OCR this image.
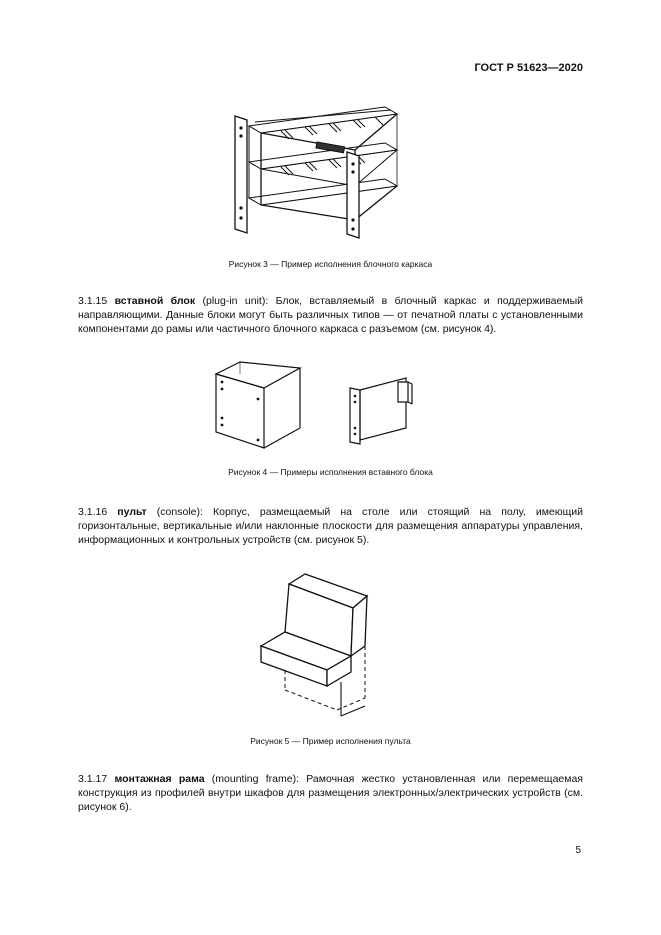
ГОСТ Р 51623—2020
Рисунок 3 — Пример исполнения блочного каркаса

3.1.15 вставной блок (plug-in unit): Блок, вставляемый в блочный каркас и поддерживаемый направляющими. Данные блоки могут быть различных типов — от печатной платы с установленными компонентами до рамы или частичного блочного каркаса с разъемом (см. рисунок 4).

Рисунок 4 — Примеры исполнения вставного блока

3.1.16 пульт (console): Корпус, размещаемый на столе или стоящий на полу, имеющий горизонтальные, вертикальные и/или наклонные плоскости для размещения аппаратуры управления, информационных и контрольных устройств (см. рисунок 5).

Рисунок 5 — Пример исполнения пульта

3.1.17 монтажная рама (mounting frame): Рамочная жестко установленная или перемещаемая конструкция из профилей внутри шкафов для размещения электронных/электрических устройств (см. рисунок 6).

5
